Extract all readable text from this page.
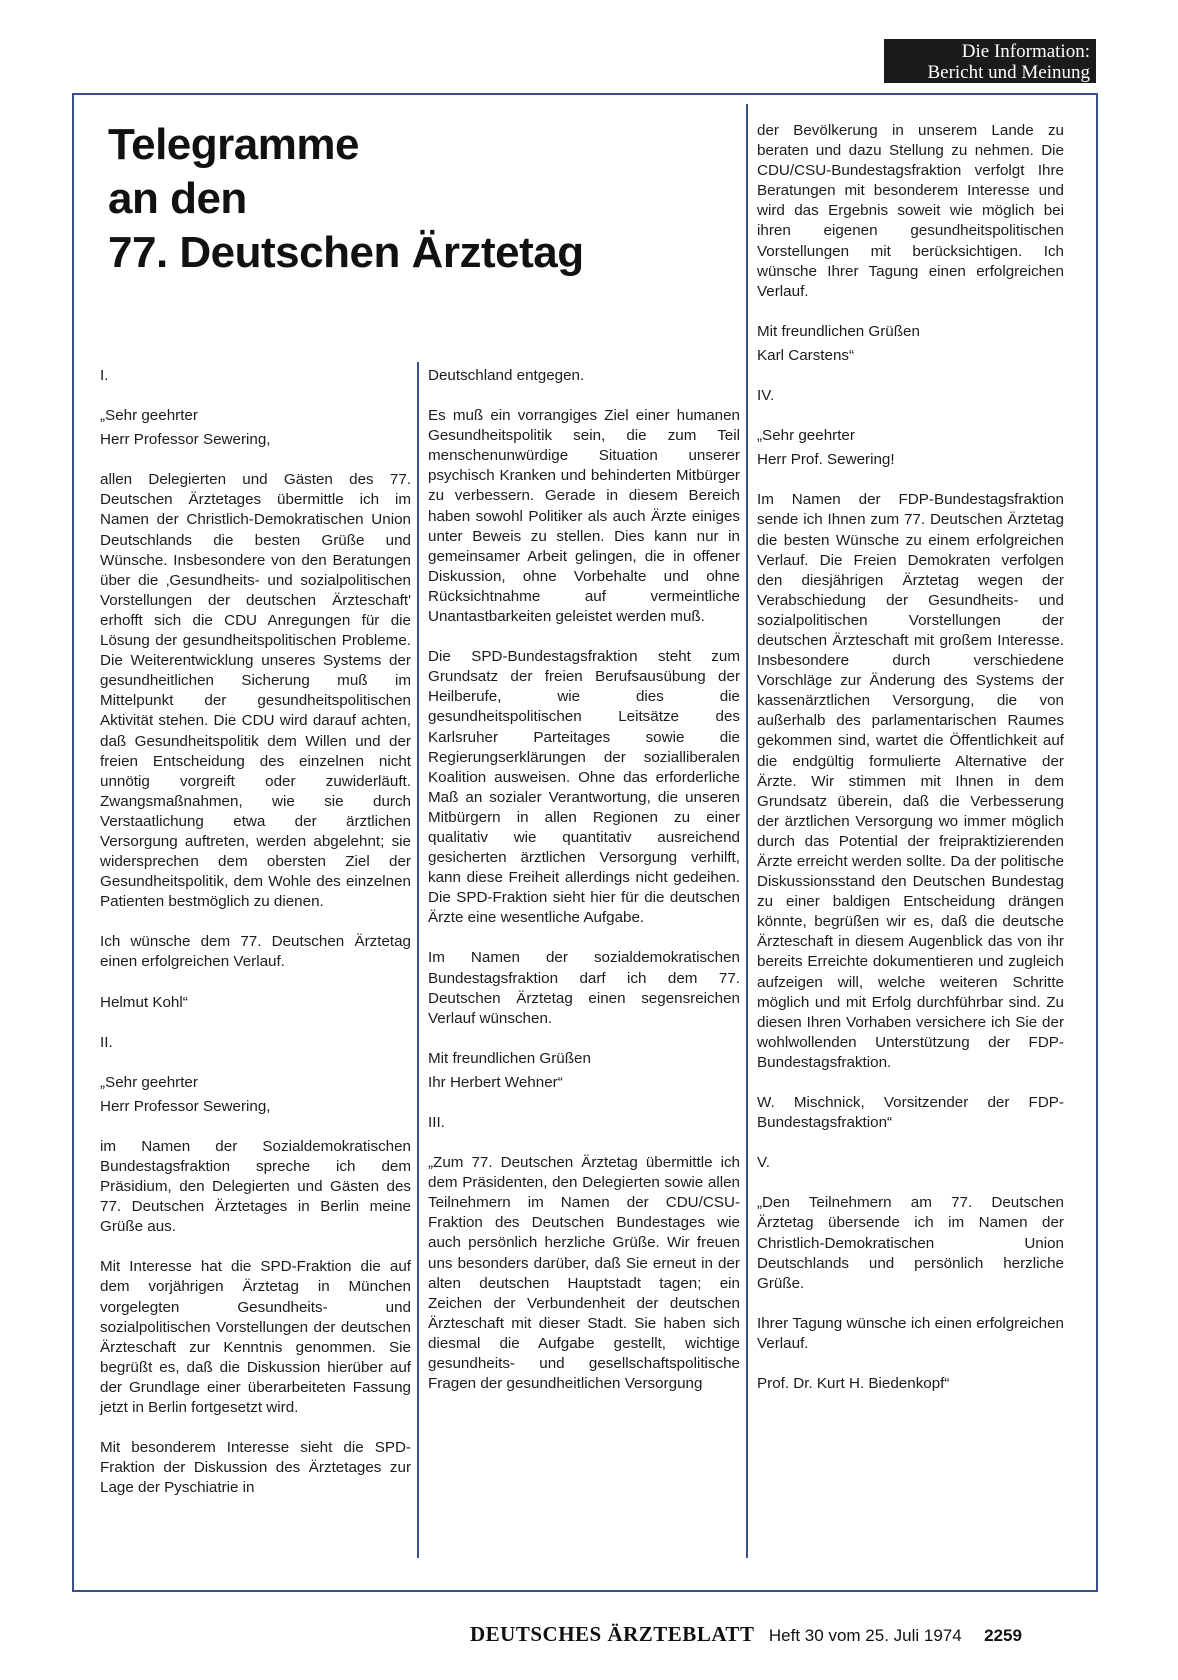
Die Information:
Bericht und Meinung
Telegramme
an den
77. Deutschen Ärztetag

I.

„Sehr geehrter

Herr Professor Sewering,

allen Delegierten und Gästen des 77. Deutschen Ärztetages übermittle ich im Namen der Christlich-Demokratischen Union Deutschlands die besten Grüße und Wünsche. Insbesondere von den Beratungen über die ‚Gesundheits- und sozialpolitischen Vorstellungen der deutschen Ärzteschaft' erhofft sich die CDU Anregungen für die Lösung der gesundheitspolitischen Probleme. Die Weiterentwicklung unseres Systems der gesundheitlichen Sicherung muß im Mittelpunkt der gesundheitspolitischen Aktivität stehen. Die CDU wird darauf achten, daß Gesundheitspolitik dem Willen und der freien Entscheidung des einzelnen nicht unnötig vorgreift oder zuwiderläuft. Zwangsmaßnahmen, wie sie durch Verstaatlichung etwa der ärztlichen Versorgung auftreten, werden abgelehnt; sie widersprechen dem obersten Ziel der Gesundheitspolitik, dem Wohle des einzelnen Patienten bestmöglich zu dienen.

Ich wünsche dem 77. Deutschen Ärztetag einen erfolgreichen Verlauf.

Helmut Kohl“

II.

„Sehr geehrter

Herr Professor Sewering,

im Namen der Sozialdemokratischen Bundestagsfraktion spreche ich dem Präsidium, den Delegierten und Gästen des 77. Deutschen Ärztetages in Berlin meine Grüße aus.

Mit Interesse hat die SPD-Fraktion die auf dem vorjährigen Ärztetag in München vorgelegten Gesundheits- und sozialpolitischen Vorstellungen der deutschen Ärzteschaft zur Kenntnis genommen. Sie begrüßt es, daß die Diskussion hierüber auf der Grundlage einer überarbeiteten Fassung jetzt in Berlin fortgesetzt wird.

Mit besonderem Interesse sieht die SPD-Fraktion der Diskussion des Ärztetages zur Lage der Pyschiatrie in

Deutschland entgegen.

Es muß ein vorrangiges Ziel einer humanen Gesundheitspolitik sein, die zum Teil menschenunwürdige Situation unserer psychisch Kranken und behinderten Mitbürger zu verbessern. Gerade in diesem Bereich haben sowohl Politiker als auch Ärzte einiges unter Beweis zu stellen. Dies kann nur in gemeinsamer Arbeit gelingen, die in offener Diskussion, ohne Vorbehalte und ohne Rücksichtnahme auf vermeintliche Unantastbarkeiten geleistet werden muß.

Die SPD-Bundestagsfraktion steht zum Grundsatz der freien Berufsausübung der Heilberufe, wie dies die gesundheitspolitischen Leitsätze des Karlsruher Parteitages sowie die Regierungserklärungen der sozialliberalen Koalition ausweisen. Ohne das erforderliche Maß an sozialer Verantwortung, die unseren Mitbürgern in allen Regionen zu einer qualitativ wie quantitativ ausreichend gesicherten ärztlichen Versorgung verhilft, kann diese Freiheit allerdings nicht gedeihen. Die SPD-Fraktion sieht hier für die deutschen Ärzte eine wesentliche Aufgabe.

Im Namen der sozialdemokratischen Bundestagsfraktion darf ich dem 77. Deutschen Ärztetag einen segensreichen Verlauf wünschen.

Mit freundlichen Grüßen

Ihr Herbert Wehner“

III.

„Zum 77. Deutschen Ärztetag übermittle ich dem Präsidenten, den Delegierten sowie allen Teilnehmern im Namen der CDU/CSU-Fraktion des Deutschen Bundestages wie auch persönlich herzliche Grüße. Wir freuen uns besonders darüber, daß Sie erneut in der alten deutschen Hauptstadt tagen; ein Zeichen der Verbundenheit der deutschen Ärzteschaft mit dieser Stadt. Sie haben sich diesmal die Aufgabe gestellt, wichtige gesundheits- und gesellschaftspolitische Fragen der gesundheitlichen Versorgung

der Bevölkerung in unserem Lande zu beraten und dazu Stellung zu nehmen. Die CDU/CSU-Bundestagsfraktion verfolgt Ihre Beratungen mit besonderem Interesse und wird das Ergebnis soweit wie möglich bei ihren eigenen gesundheitspolitischen Vorstellungen mit berücksichtigen. Ich wünsche Ihrer Tagung einen erfolgreichen Verlauf.

Mit freundlichen Grüßen

Karl Carstens“

IV.

„Sehr geehrter

Herr Prof. Sewering!

Im Namen der FDP-Bundestagsfraktion sende ich Ihnen zum 77. Deutschen Ärztetag die besten Wünsche zu einem erfolgreichen Verlauf. Die Freien Demokraten verfolgen den diesjährigen Ärztetag wegen der Verabschiedung der Gesundheits- und sozialpolitischen Vorstellungen der deutschen Ärzteschaft mit großem Interesse. Insbesondere durch verschiedene Vorschläge zur Änderung des Systems der kassenärztlichen Versorgung, die von außerhalb des parlamentarischen Raumes gekommen sind, wartet die Öffentlichkeit auf die endgültig formulierte Alternative der Ärzte. Wir stimmen mit Ihnen in dem Grundsatz überein, daß die Verbesserung der ärztlichen Versorgung wo immer möglich durch das Potential der freipraktizierenden Ärzte erreicht werden sollte. Da der politische Diskussionsstand den Deutschen Bundestag zu einer baldigen Entscheidung drängen könnte, begrüßen wir es, daß die deutsche Ärzteschaft in diesem Augenblick das von ihr bereits Erreichte dokumentieren und zugleich aufzeigen will, welche weiteren Schritte möglich und mit Erfolg durchführbar sind. Zu diesen Ihren Vorhaben versichere ich Sie der wohlwollenden Unterstützung der FDP-Bundestagsfraktion.

W. Mischnick, Vorsitzender der FDP-Bundestagsfraktion“

V.

„Den Teilnehmern am 77. Deutschen Ärztetag übersende ich im Namen der Christlich-Demokratischen Union Deutschlands und persönlich herzliche Grüße.

Ihrer Tagung wünsche ich einen erfolgreichen Verlauf.

Prof. Dr. Kurt H. Biedenkopf“

DEUTSCHES ÄRZTEBLATT Heft 30 vom 25. Juli 1974 2259
